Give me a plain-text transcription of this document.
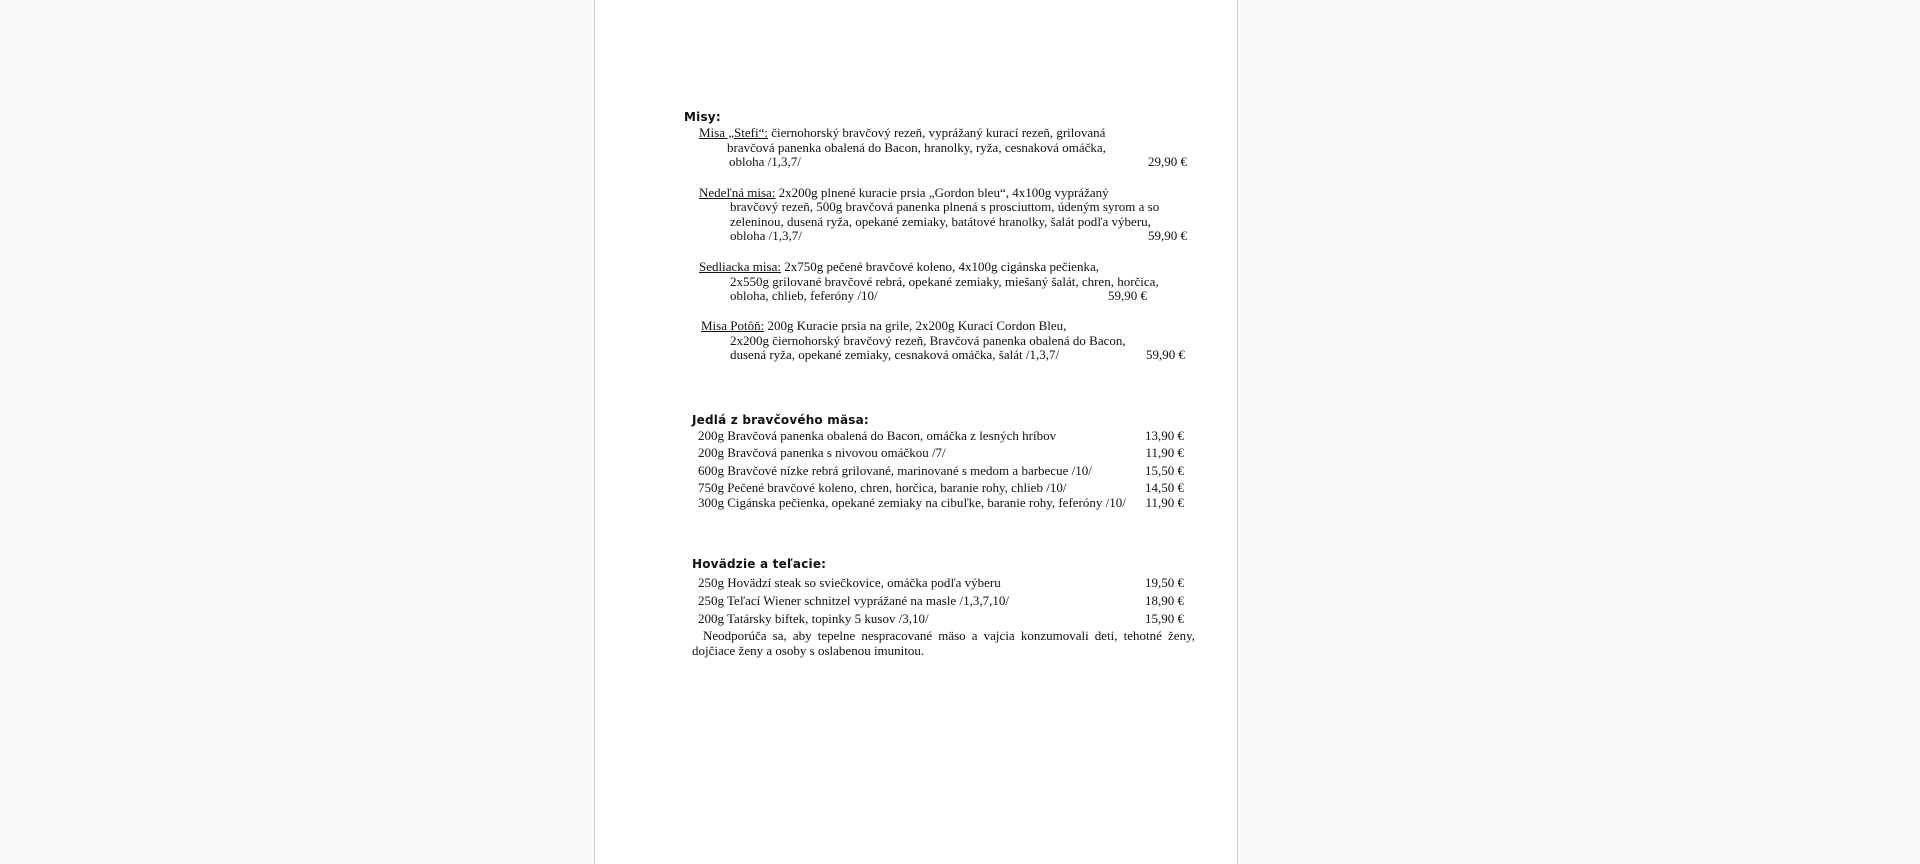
Misy:
Misa „Stefi“: čiernohorský bravčový rezeň, vyprážaný kurací rezeň, grilovaná
bravčová panenka obalená do Bacon, hranolky, ryža, cesnaková omáčka,
obloha /1,3,7/	29,90 €
Nedeľná misa: 2x200g plnené kuracie prsia „Gordon bleu“, 4x100g vyprážaný
bravčový rezeň, 500g bravčová panenka plnená s prosciuttom, údeným syrom a so
zeleninou, dusená ryža, opekané zemiaky, batátové hranolky, šalát podľa výberu,
obloha /1,3,7/	59,90 €
Sedliacka misa: 2x750g pečené bravčové koleno, 4x100g cigánska pečienka,
2x550g grilované bravčové rebrá, opekané zemiaky, miešaný šalát, chren, horčica,
obloha, chlieb, feferóny /10/	59,90 €
Misa Potôň: 200g Kuracie prsia na grile, 2x200g Kurací Cordon Bleu,
2x200g čiernohorský bravčový rezeň, Bravčová panenka obalená do Bacon,
dusená ryža, opekané zemiaky, cesnaková omáčka, šalát /1,3,7/	59,90 €
Jedlá z bravčového mäsa:
200g Bravčová panenka obalená do Bacon, omáčka z lesných hríbov	13,90 €
200g Bravčová panenka s nivovou omáčkou /7/	11,90 €
600g Bravčové nízke rebrá grilované, marinované s medom a barbecue /10/	15,50 €
750g Pečené bravčové koleno, chren, horčica, baranie rohy, chlieb /10/	14,50 €
300g Cigánska pečienka, opekané zemiaky na cibuľke, baranie rohy, feferóny /10/	11,90 €
Hovädzie a teľacie:
250g Hovädzí steak so sviečkovice, omáčka podľa výberu	19,50 €
250g Teľací Wiener schnitzel vyprážané na masle /1,3,7,10/	18,90 €
200g Tatársky biftek, topinky 5 kusov /3,10/	15,90 €
Neodporúča sa, aby tepelne nespracované mäso a vajcia konzumovali deti, tehotné ženy, dojčiace ženy a osoby s oslabenou imunitou.
